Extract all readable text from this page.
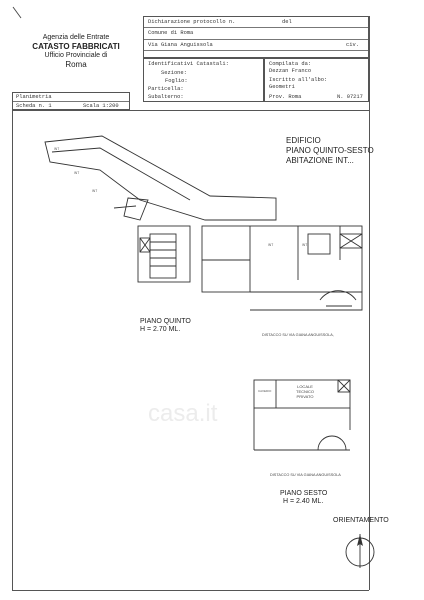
Agenzia delle Entrate
CATASTO FABBRICATI
Ufficio Provinciale di
Roma
Dichiarazione protocollo n.	del
Comune di Roma
Via Giana Anguissola	civ.
Identificativi Catastali:
Sezione:
Foglio:
Particella:
Subalterno:
Compilata da:
Dezzan Franco
Iscritto all'albo:
Geometri
Prov. Roma	N. 07217
Planimetria
Scheda n. 1	Scala 1:200
EDIFICIO
PIANO QUINTO-SESTO
ABITAZIONE INT...
INT
INT
INT
INT	INT
PIANO QUINTO
H = 2.70 ML.
DISTACCO SU VIA GIANA ANGUISSOLA,
CAVEDIO
LOCALE
TECNICO
PRIVATO
casa.it
DISTACCO SU VIA GIANA ANGUISSOLA
PIANO SESTO
H = 2.40 ML.
ORIENTAMENTO
